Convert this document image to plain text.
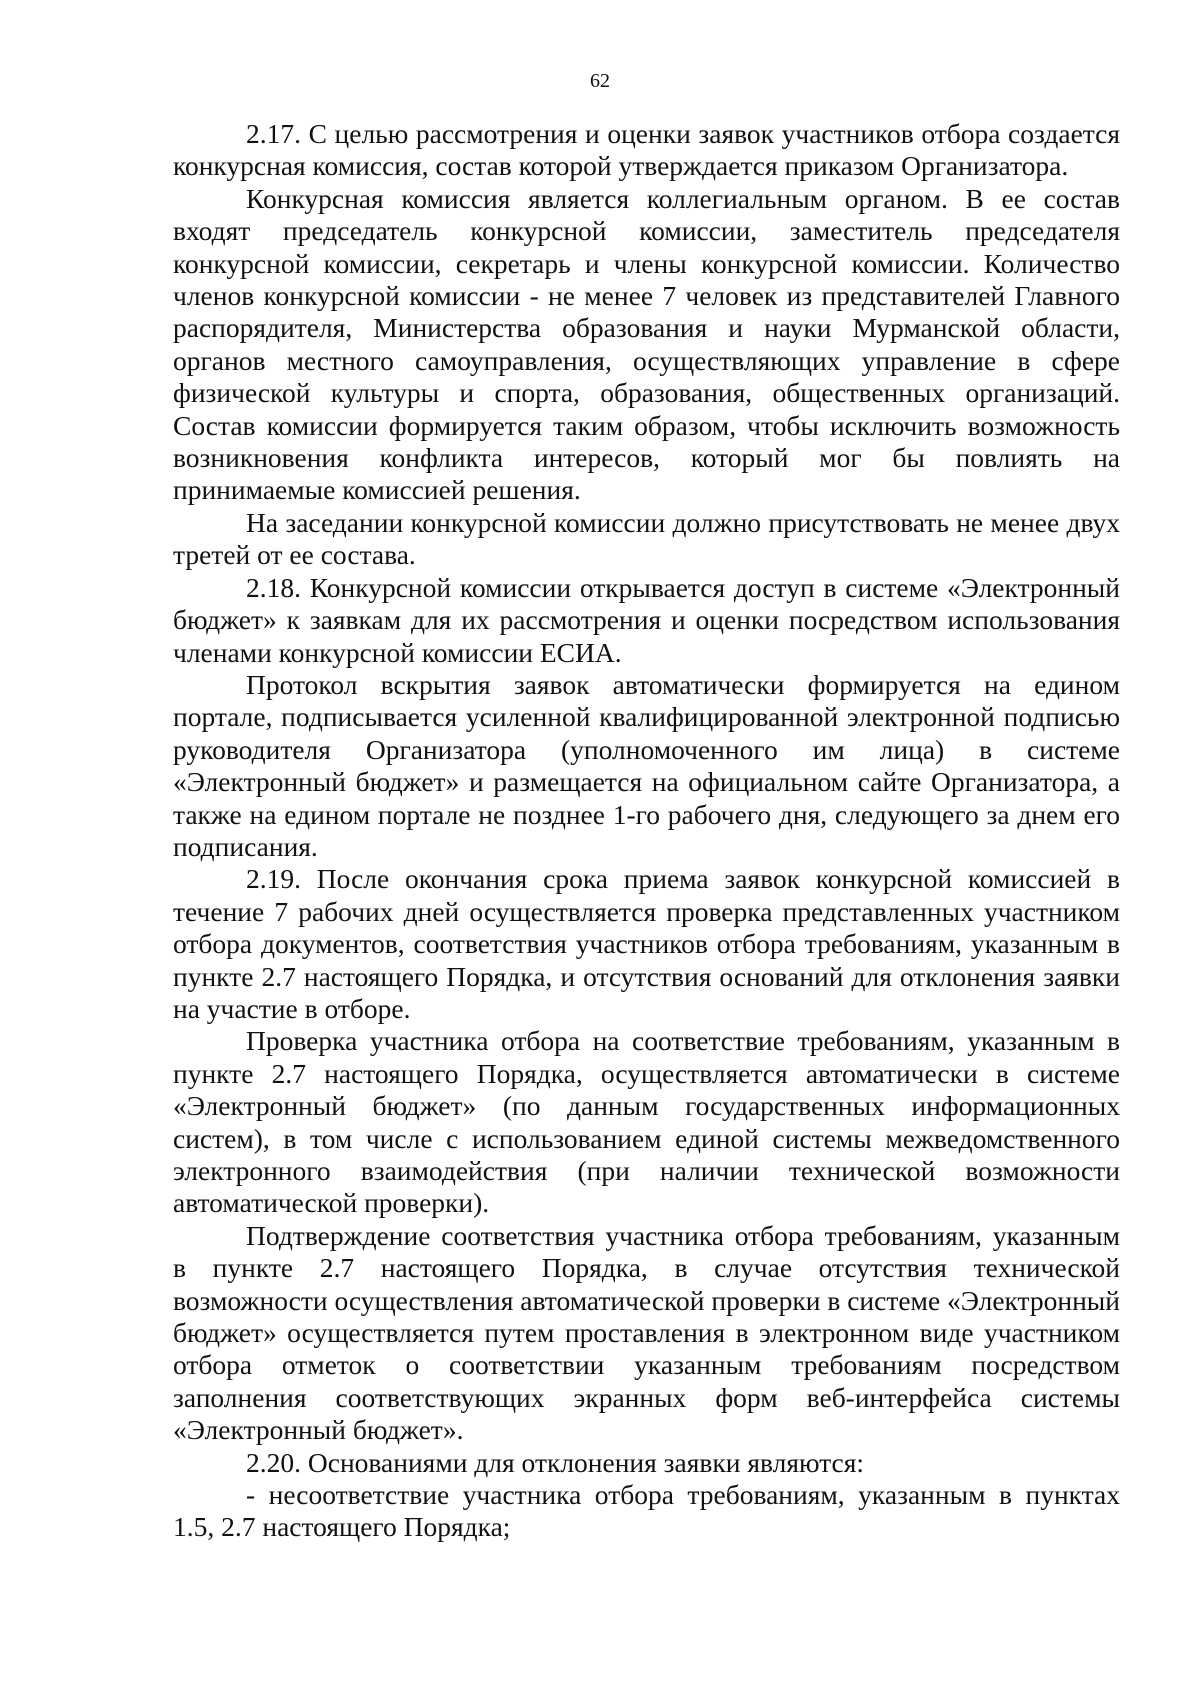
62

2.17. С целью рассмотрения и оценки заявок участников отбора создается конкурсная комиссия, состав которой утверждается приказом Организатора.

Конкурсная комиссия является коллегиальным органом. В ее состав входят председатель конкурсной комиссии, заместитель председателя конкурсной комиссии, секретарь и члены конкурсной комиссии. Количество членов конкурсной комиссии - не менее 7 человек из представителей Главного распорядителя, Министерства образования и науки Мурманской области, органов местного самоуправления, осуществляющих управление в сфере физической культуры и спорта, образования, общественных организаций. Состав комиссии формируется таким образом, чтобы исключить возможность возникновения конфликта интересов, который мог бы повлиять на принимаемые комиссией решения.

На заседании конкурсной комиссии должно присутствовать не менее двух третей от ее состава.

2.18. Конкурсной комиссии открывается доступ в системе «Электронный бюджет» к заявкам для их рассмотрения и оценки посредством использования членами конкурсной комиссии ЕСИА.

Протокол вскрытия заявок автоматически формируется на едином портале, подписывается усиленной квалифицированной электронной подписью руководителя Организатора (уполномоченного им лица) в системе «Электронный бюджет» и размещается на официальном сайте Организатора, а также на едином портале не позднее 1-го рабочего дня, следующего за днем его подписания.

2.19. После окончания срока приема заявок конкурсной комиссией в течение 7 рабочих дней осуществляется проверка представленных участником отбора документов, соответствия участников отбора требованиям, указанным в пункте 2.7 настоящего Порядка, и отсутствия оснований для отклонения заявки на участие в отборе.

Проверка участника отбора на соответствие требованиям, указанным в пункте 2.7 настоящего Порядка, осуществляется автоматически в системе «Электронный бюджет» (по данным государственных информационных систем), в том числе с использованием единой системы межведомственного электронного взаимодействия (при наличии технической возможности автоматической проверки).

Подтверждение соответствия участника отбора требованиям, указанным в пункте 2.7 настоящего Порядка, в случае отсутствия технической возможности осуществления автоматической проверки в системе «Электронный бюджет» осуществляется путем проставления в электронном виде участником отбора отметок о соответствии указанным требованиям посредством заполнения соответствующих экранных форм веб-интерфейса системы «Электронный бюджет».

2.20. Основаниями для отклонения заявки являются:

- несоответствие участника отбора требованиям, указанным в пунктах 1.5, 2.7 настоящего Порядка;
